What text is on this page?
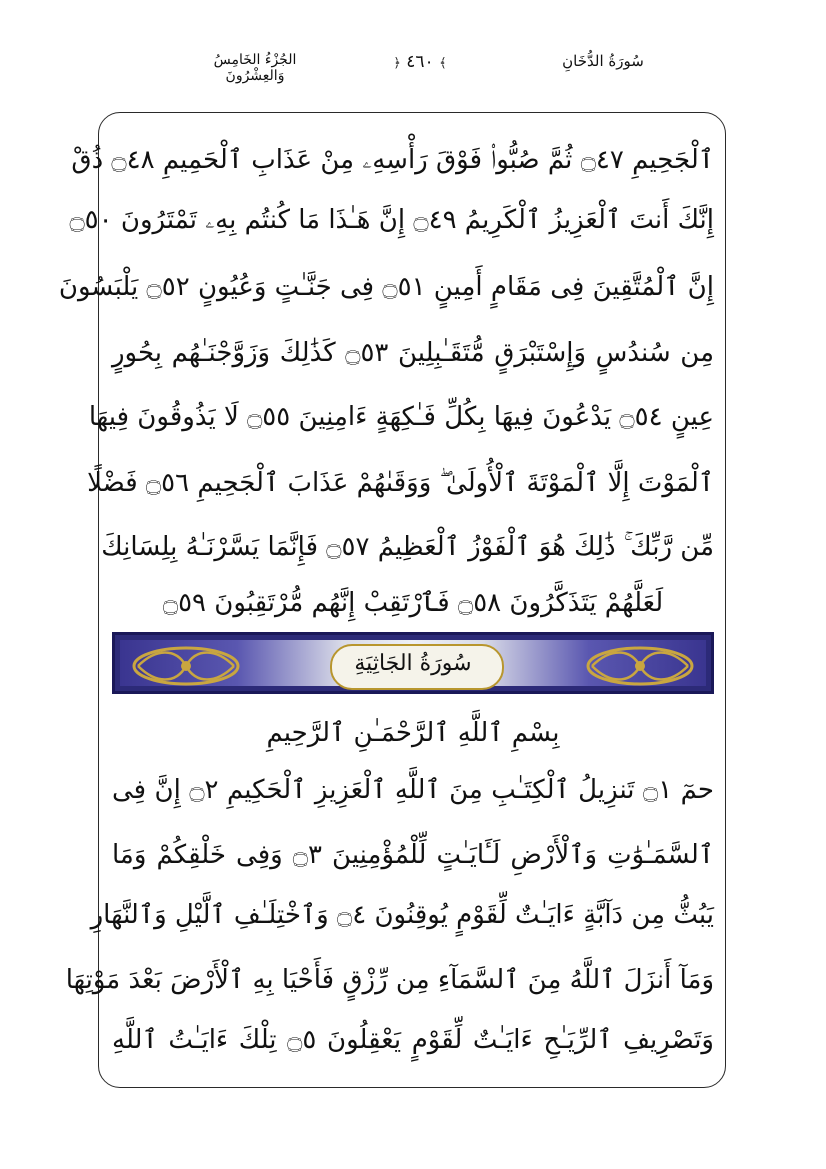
سُورَةُ الدُّخَانِ
﴿ ٤٦٠ ﴾
الجُزْءُ الخَامِسُ وَالعِشْرُونَ
ٱلْجَحِيمِ ۝٤٧ ثُمَّ صُبُّوا۟ فَوْقَ رَأْسِهِۦ مِنْ عَذَابِ ٱلْحَمِيمِ ۝٤٨ ذُقْ
إِنَّكَ أَنتَ ٱلْعَزِيزُ ٱلْكَرِيمُ ۝٤٩ إِنَّ هَـٰذَا مَا كُنتُم بِهِۦ تَمْتَرُونَ ۝٥٠
إِنَّ ٱلْمُتَّقِينَ فِى مَقَامٍ أَمِينٍ ۝٥١ فِى جَنَّـٰتٍ وَعُيُونٍ ۝٥٢ يَلْبَسُونَ
مِن سُندُسٍ وَإِسْتَبْرَقٍ مُّتَقَـٰبِلِينَ ۝٥٣ كَذَٰلِكَ وَزَوَّجْنَـٰهُم بِحُورٍ
عِينٍ ۝٥٤ يَدْعُونَ فِيهَا بِكُلِّ فَـٰكِهَةٍ ءَامِنِينَ ۝٥٥ لَا يَذُوقُونَ فِيهَا
ٱلْمَوْتَ إِلَّا ٱلْمَوْتَةَ ٱلْأُولَىٰ ۖ وَوَقَىٰهُمْ عَذَابَ ٱلْجَحِيمِ ۝٥٦ فَضْلًا
مِّن رَّبِّكَ ۚ ذَٰلِكَ هُوَ ٱلْفَوْزُ ٱلْعَظِيمُ ۝٥٧ فَإِنَّمَا يَسَّرْنَـٰهُ بِلِسَانِكَ
لَعَلَّهُمْ يَتَذَكَّرُونَ ۝٥٨ فَٱرْتَقِبْ إِنَّهُم مُّرْتَقِبُونَ ۝٥٩
سُورَةُ الجَاثِيَةِ
بِسْمِ ٱللَّهِ ٱلرَّحْمَـٰنِ ٱلرَّحِيمِ
حمٓ ۝١ تَنزِيلُ ٱلْكِتَـٰبِ مِنَ ٱللَّهِ ٱلْعَزِيزِ ٱلْحَكِيمِ ۝٢ إِنَّ فِى
ٱلسَّمَـٰوَٰتِ وَٱلْأَرْضِ لَـَٔايَـٰتٍ لِّلْمُؤْمِنِينَ ۝٣ وَفِى خَلْقِكُمْ وَمَا
يَبُثُّ مِن دَآبَّةٍ ءَايَـٰتٌ لِّقَوْمٍ يُوقِنُونَ ۝٤ وَٱخْتِلَـٰفِ ٱلَّيْلِ وَٱلنَّهَارِ
وَمَآ أَنزَلَ ٱللَّهُ مِنَ ٱلسَّمَآءِ مِن رِّزْقٍ فَأَحْيَا بِهِ ٱلْأَرْضَ بَعْدَ مَوْتِهَا
وَتَصْرِيفِ ٱلرِّيَـٰحِ ءَايَـٰتٌ لِّقَوْمٍ يَعْقِلُونَ ۝٥ تِلْكَ ءَايَـٰتُ ٱللَّهِ
